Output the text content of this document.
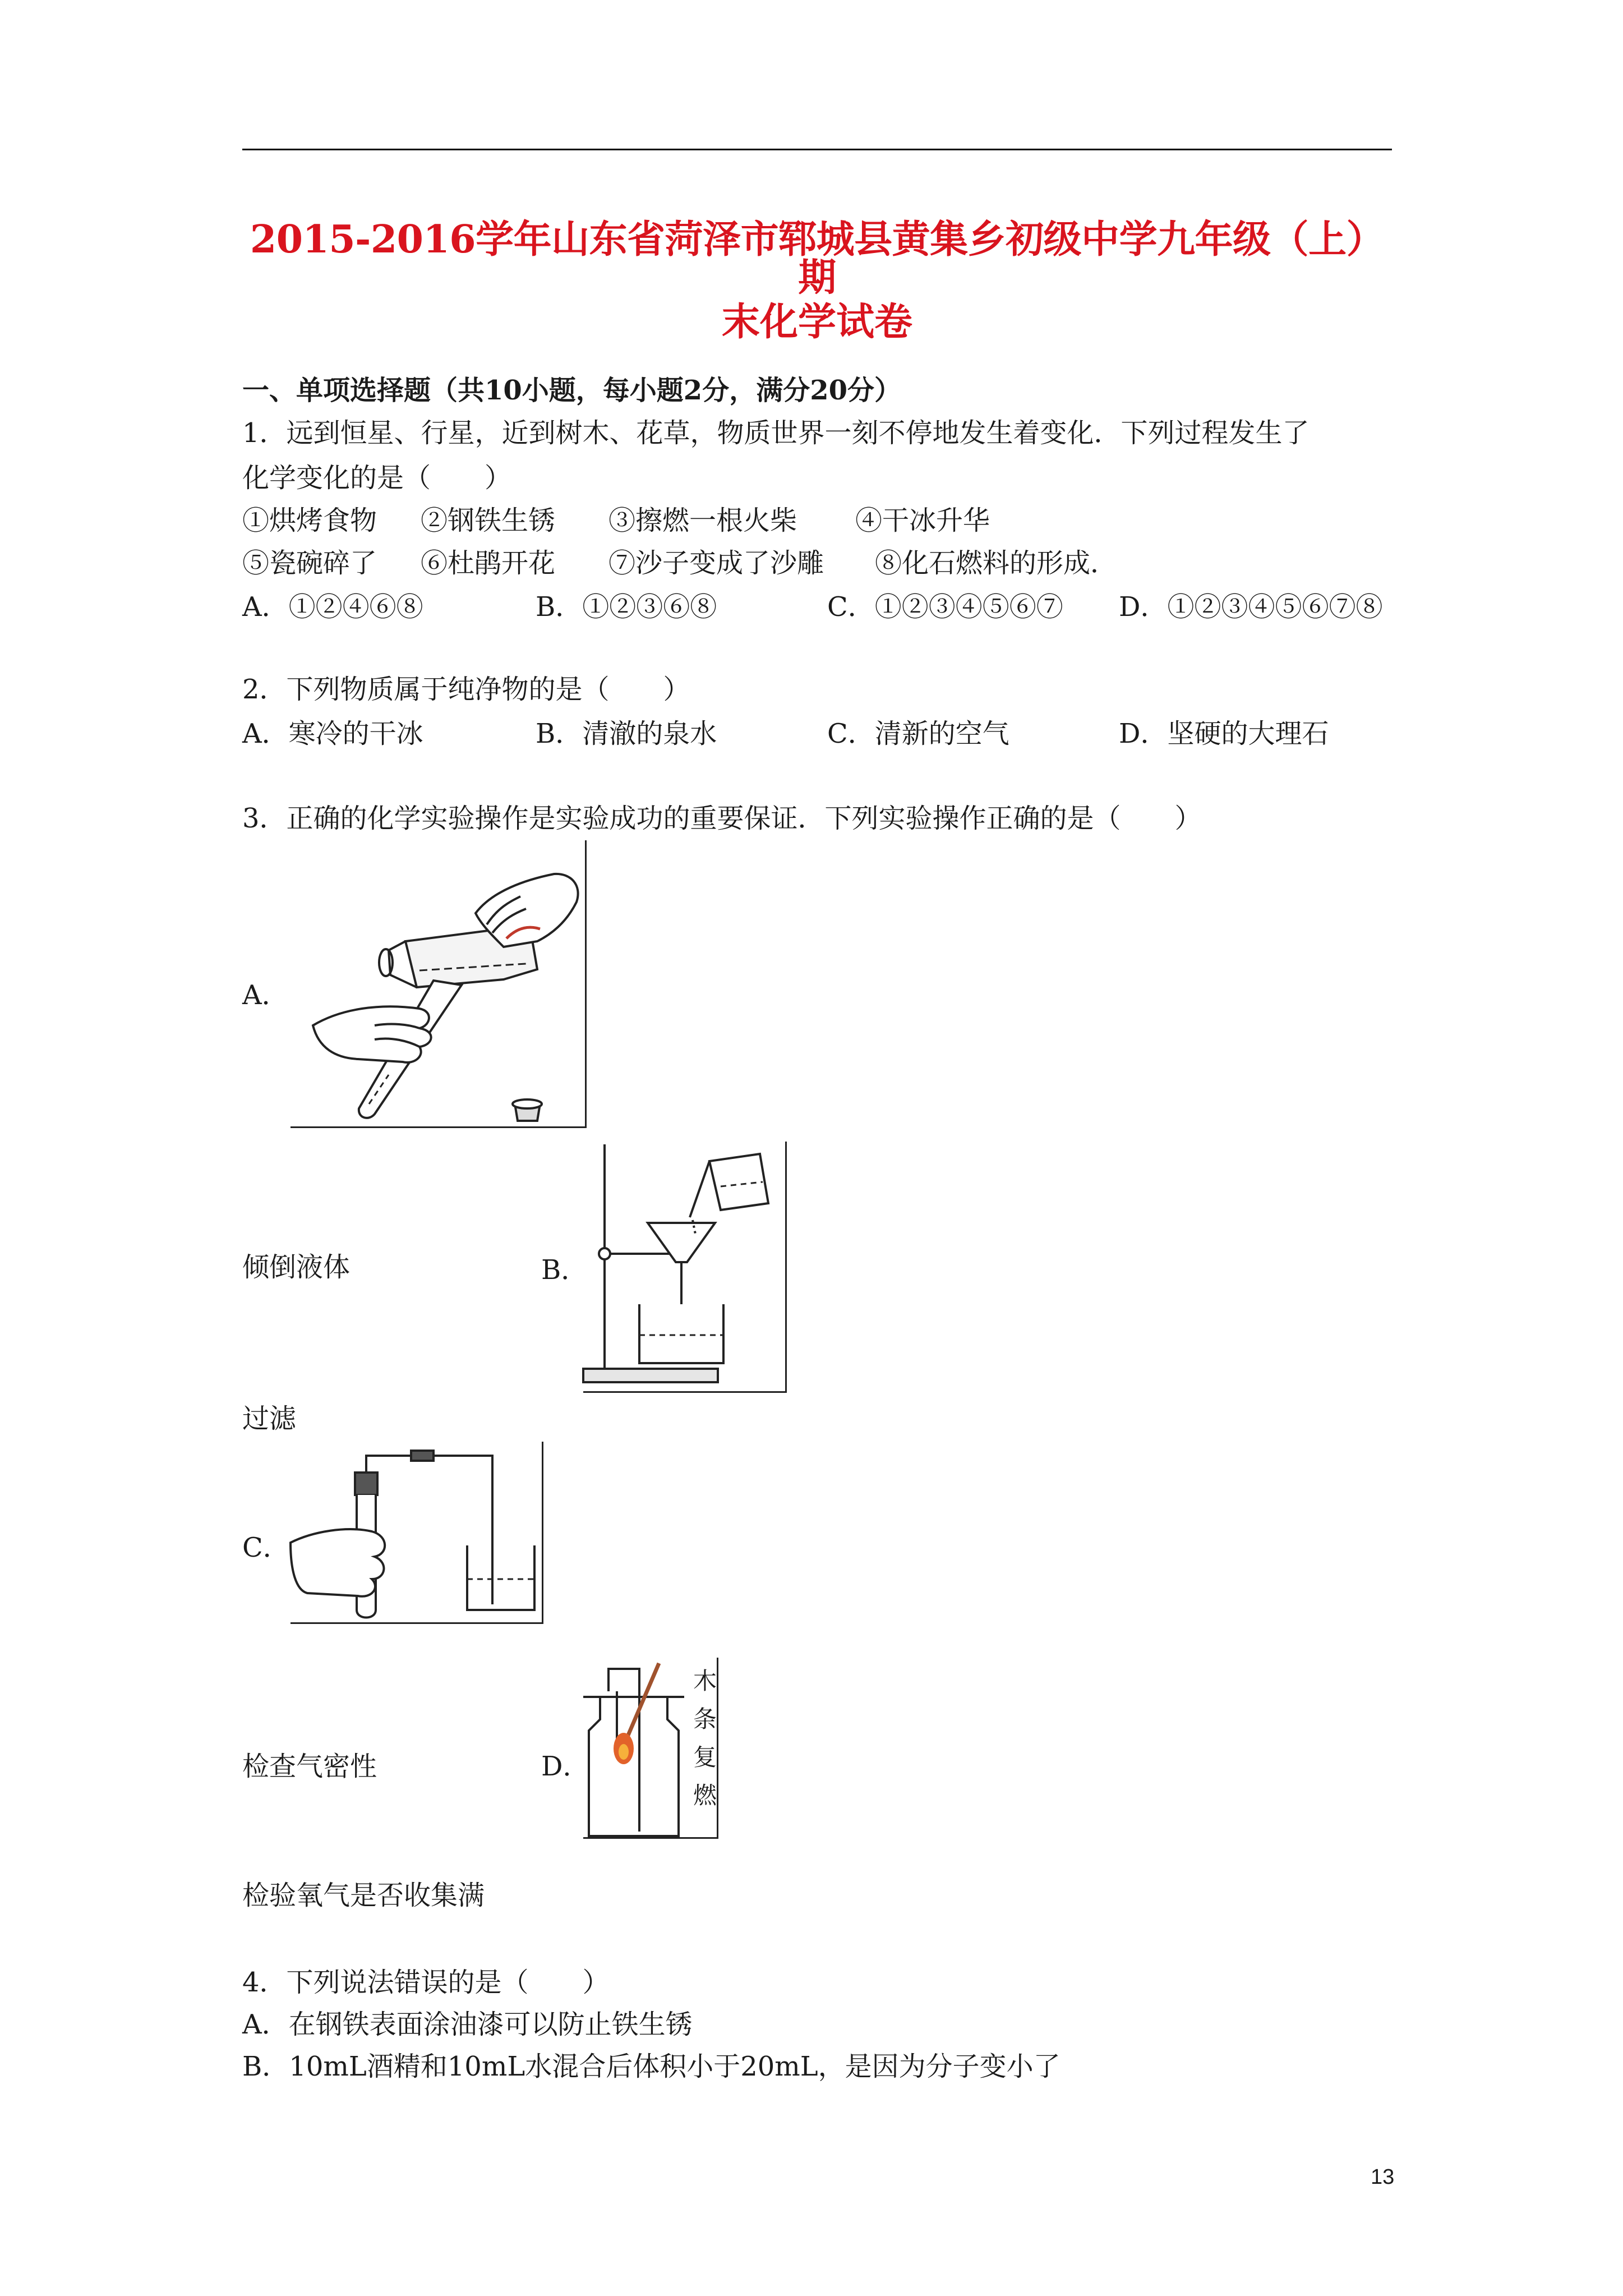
2015-2016学年山东省菏泽市郓城县黄集乡初级中学九年级（上）期
末化学试卷
一、单项选择题（共10小题，每小题2分，满分20分）
1．远到恒星、行星，近到树木、花草，物质世界一刻不停地发生着变化．下列过程发生了
化学变化的是（　　）
①烘烤食物 ②钢铁生锈 ③擦燃一根火柴 ④干冰升华
⑤瓷碗碎了 ⑥杜鹃开花 ⑦沙子变成了沙雕 ⑧化石燃料的形成．
A．①②④⑥⑧	B．①②③⑥⑧	C．①②③④⑤⑥⑦ D．①②③④⑤⑥⑦⑧
2．下列物质属于纯净物的是（　　）
A．寒冷的干冰	B．清澈的泉水	C．清新的空气	D．坚硬的大理石
3．正确的化学实验操作是实验成功的重要保证．下列实验操作正确的是（　　）
A．
倾倒液体	B．
过滤
C．
检查气密性	D．
木
条
复
燃
检验氧气是否收集满
4．下列说法错误的是（　　）
A．在钢铁表面涂油漆可以防止铁生锈
B．10mL酒精和10mL水混合后体积小于20mL，是因为分子变小了
13
